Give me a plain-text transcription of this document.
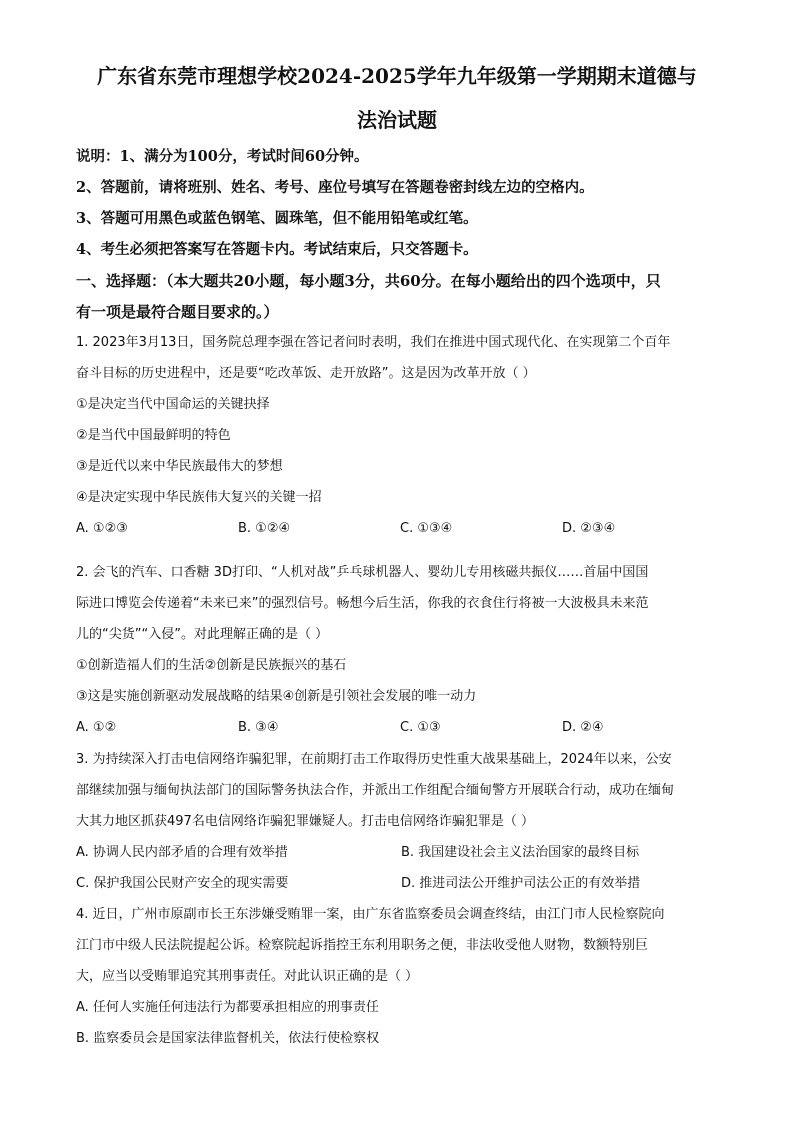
广东省东莞市理想学校2024-2025学年九年级第一学期期末道德与
法治试题
说明：1、满分为100分，考试时间60分钟。
2、答题前，请将班别、姓名、考号、座位号填写在答题卷密封线左边的空格内。
3、答题可用黑色或蓝色钢笔、圆珠笔，但不能用铅笔或红笔。
4、考生必须把答案写在答题卡内。考试结束后，只交答题卡。
一、选择题：（本大题共20小题，每小题3分，共60分。在每小题给出的四个选项中，只
有一项是最符合题目要求的。）
1. 2023年3月13日，国务院总理李强在答记者问时表明，我们在推进中国式现代化、在实现第二个百年
奋斗目标的历史进程中，还是要“吃改革饭、走开放路”。这是因为改革开放（ ）
①是决定当代中国命运的关键抉择
②是当代中国最鲜明的特色
③是近代以来中华民族最伟大的梦想
④是决定实现中华民族伟大复兴的关键一招
A. ①②③	B. ①②④	C. ①③④	D. ②③④
2. 会飞的汽车、口香糖 3D打印、“人机对战”乒乓球机器人、婴幼儿专用核磁共振仪……首届中国国
际进口博览会传递着“未来已来”的强烈信号。畅想今后生活，你我的衣食住行将被一大波极具未来范
儿的“尖货”“入侵”。对此理解正确的是（ ）
①创新造福人们的生活②创新是民族振兴的基石
③这是实施创新驱动发展战略的结果④创新是引领社会发展的唯一动力
A. ①②	B. ③④	C. ①③	D. ②④
3. 为持续深入打击电信网络诈骗犯罪，在前期打击工作取得历史性重大战果基础上，2024年以来，公安
部继续加强与缅甸执法部门的国际警务执法合作，并派出工作组配合缅甸警方开展联合行动，成功在缅甸
大其力地区抓获497名电信网络诈骗犯罪嫌疑人。打击电信网络诈骗犯罪是（ ）
A. 协调人民内部矛盾的合理有效举措	B. 我国建设社会主义法治国家的最终目标
C. 保护我国公民财产安全的现实需要	D. 推进司法公开维护司法公正的有效举措
4. 近日，广州市原副市长王东涉嫌受贿罪一案，由广东省监察委员会调查终结，由江门市人民检察院向
江门市中级人民法院提起公诉。检察院起诉指控王东利用职务之便，非法收受他人财物，数额特别巨
大，应当以受贿罪追究其刑事责任。对此认识正确的是（ ）
A. 任何人实施任何违法行为都要承担相应的刑事责任
B. 监察委员会是国家法律监督机关，依法行使检察权
